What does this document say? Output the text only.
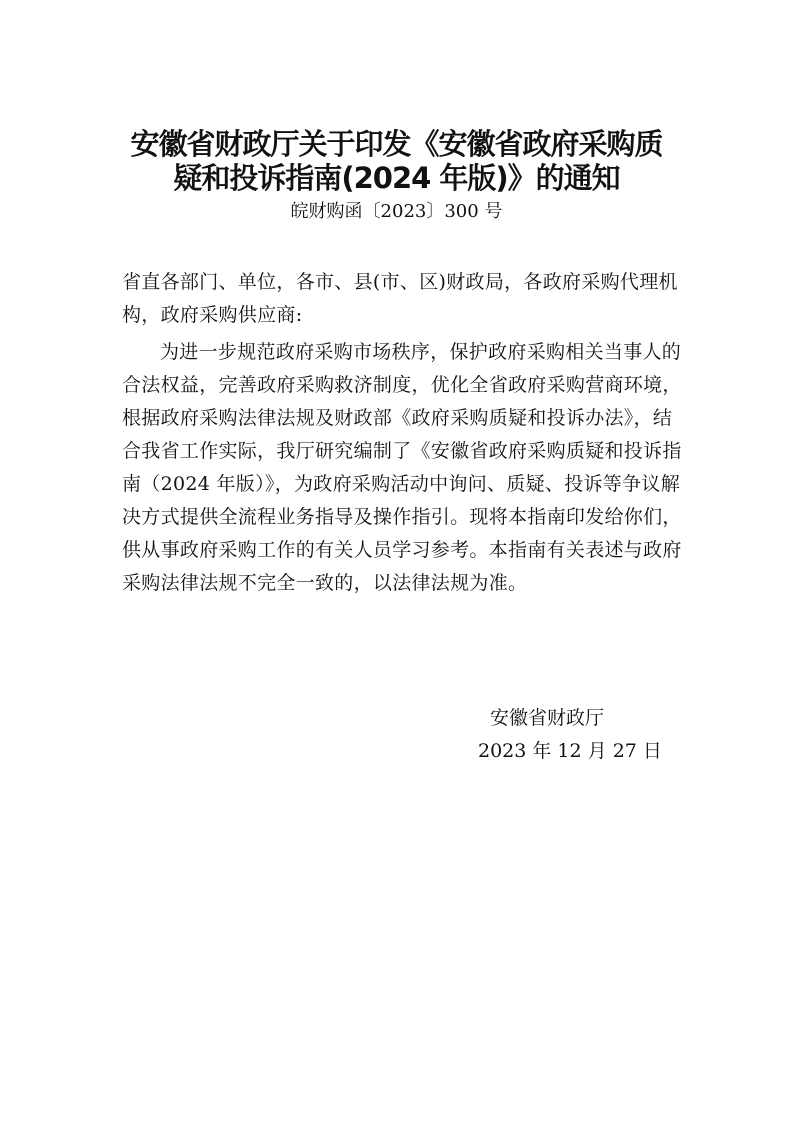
安徽省财政厅关于印发《安徽省政府采购质
疑和投诉指南(2024 年版)》的通知
皖财购函〔2023〕300 号
省直各部门、单位，各市、县(市、区)财政局，各政府采购代理机构，政府采购供应商:
为进一步规范政府采购市场秩序，保护政府采购相关当事人的合法权益，完善政府采购救济制度，优化全省政府采购营商环境，根据政府采购法律法规及财政部《政府采购质疑和投诉办法》，结合我省工作实际，我厅研究编制了《安徽省政府采购质疑和投诉指南（2024 年版）》，为政府采购活动中询问、质疑、投诉等争议解决方式提供全流程业务指导及操作指引。现将本指南印发给你们，供从事政府采购工作的有关人员学习参考。本指南有关表述与政府采购法律法规不完全一致的，以法律法规为准。
安徽省财政厅
2023 年 12 月 27 日
